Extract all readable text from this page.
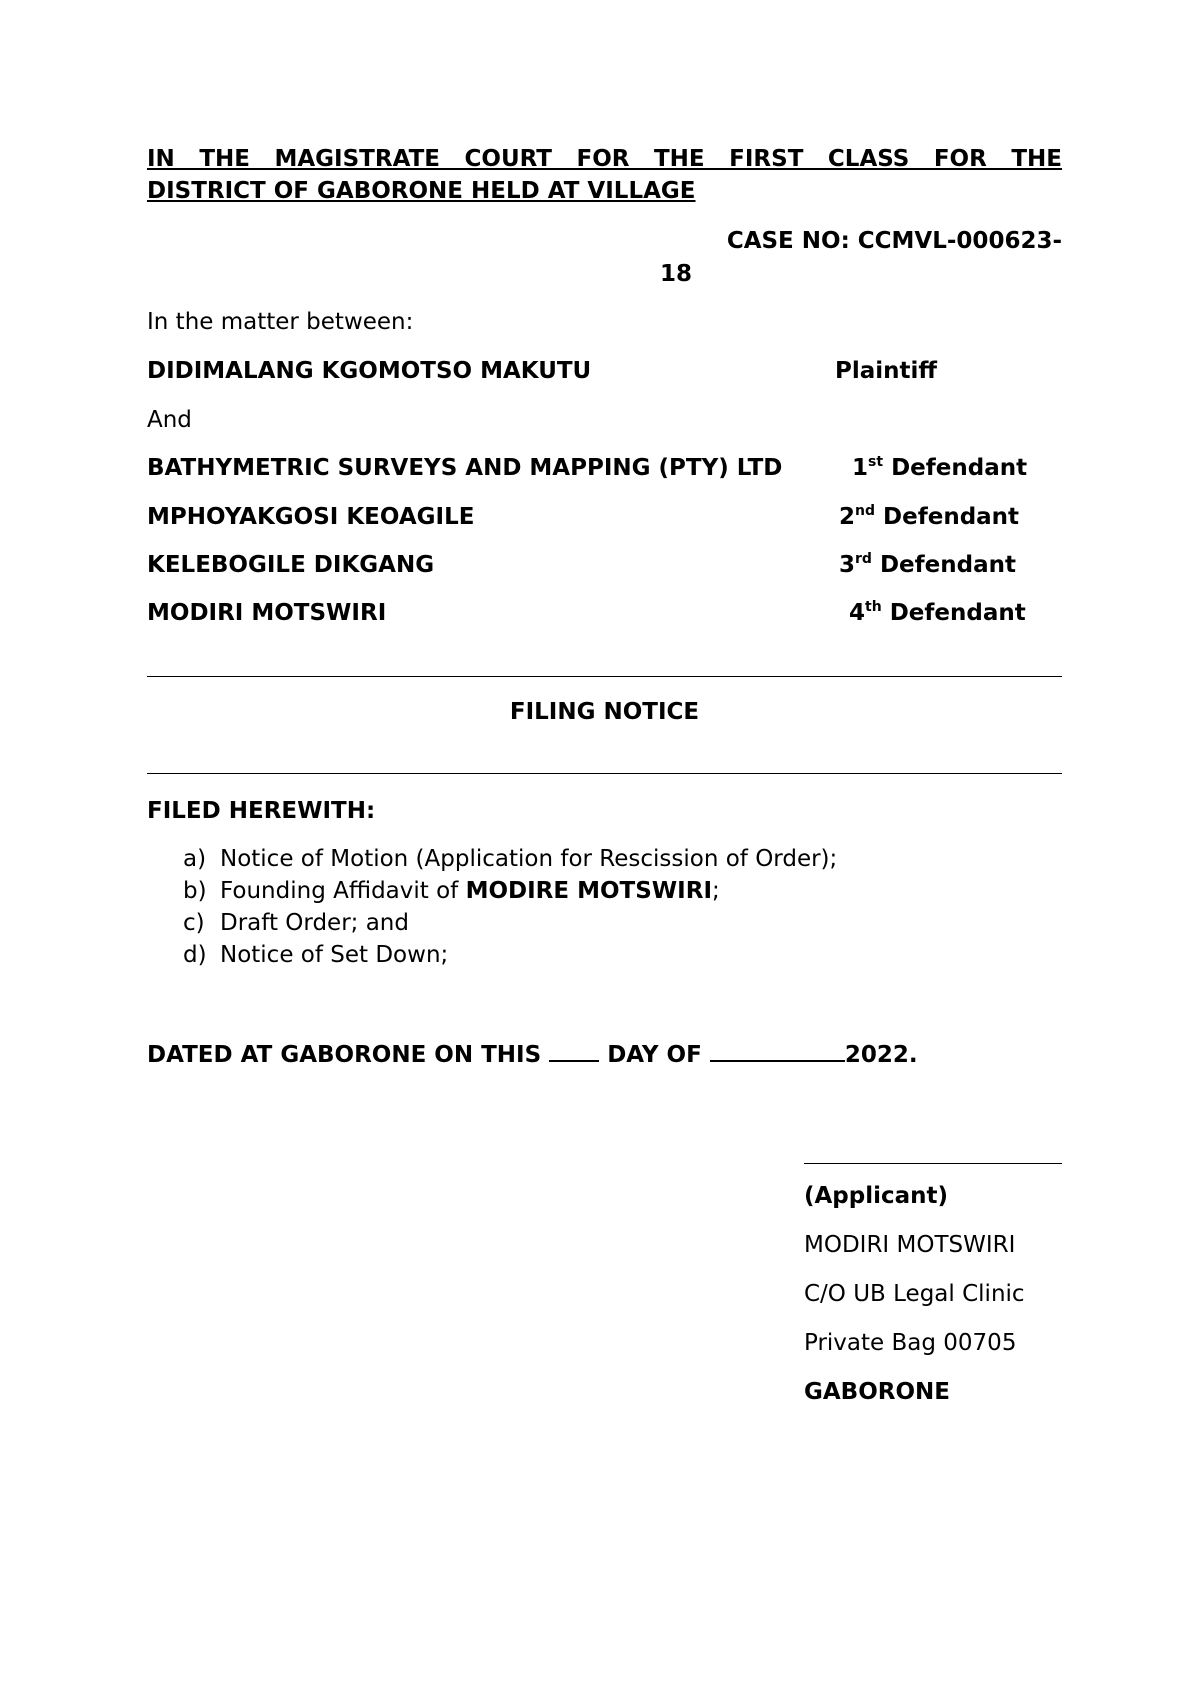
IN THE MAGISTRATE COURT FOR THE FIRST CLASS FOR THE
DISTRICT OF GABORONE HELD AT VILLAGE
CASE NO: CCMVL-000623-
18
In the matter between:
DIDIMALANG KGOMOTSO MAKUTU	Plaintiff
And
BATHYMETRIC SURVEYS AND MAPPING (PTY) LTD	1st Defendant
MPHOYAKGOSI KEOAGILE	2nd Defendant
KELEBOGILE DIKGANG	3rd Defendant
MODIRI MOTSWIRI	4th Defendant
FILING NOTICE
FILED HEREWITH:
a) Notice of Motion (Application for Rescission of Order);
b) Founding Affidavit of MODIRE MOTSWIRI;
c) Draft Order; and
d) Notice of Set Down;
DATED AT GABORONE ON THIS  DAY OF	2022.
(Applicant)
MODIRI MOTSWIRI
C/O UB Legal Clinic
Private Bag 00705
GABORONE
